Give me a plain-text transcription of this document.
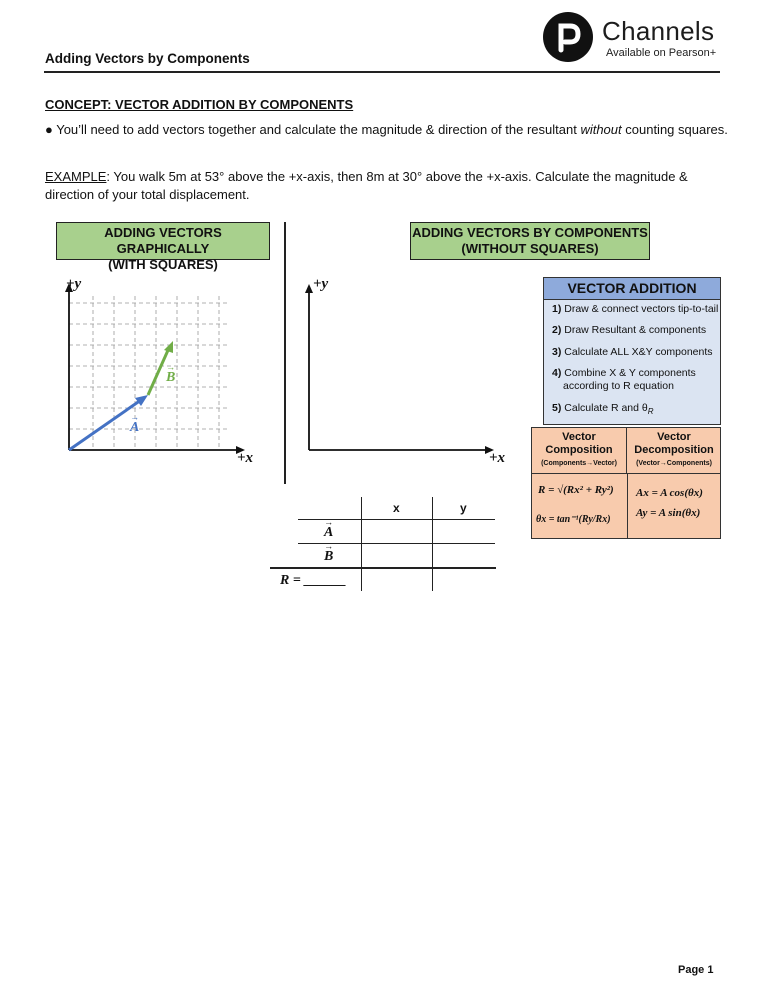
Adding Vectors by Components
Channels
Available on Pearson+
CONCEPT: VECTOR ADDITION BY COMPONENTS
● You’ll need to add vectors together and calculate the magnitude & direction of the resultant without counting squares.
EXAMPLE: You walk 5m at 53° above the +x-axis, then 8m at 30° above the +x-axis. Calculate the magnitude & direction of your total displacement.
ADDING VECTORS GRAPHICALLY
(WITH SQUARES)
ADDING VECTORS BY COMPONENTS
(WITHOUT SQUARES)
+y
+x
→
A
→
B
+y
+x
VECTOR ADDITION
1) Draw & connect vectors tip-to-tail
2) Draw Resultant & components
3) Calculate ALL X&Y components
4) Combine X & Y components
according to R equation
5) Calculate R and $\theta_R$
Vector
Composition
(Components→Vector)
Vector
Decomposition
(Vector→Components)
R = √(Rx² + Ry²)
θx = tan⁻¹(Ry/Rx)
Ax = A cos(θx)
Ay = A sin(θx)
x	y
→
A
→
B
R = ______
Page 1
